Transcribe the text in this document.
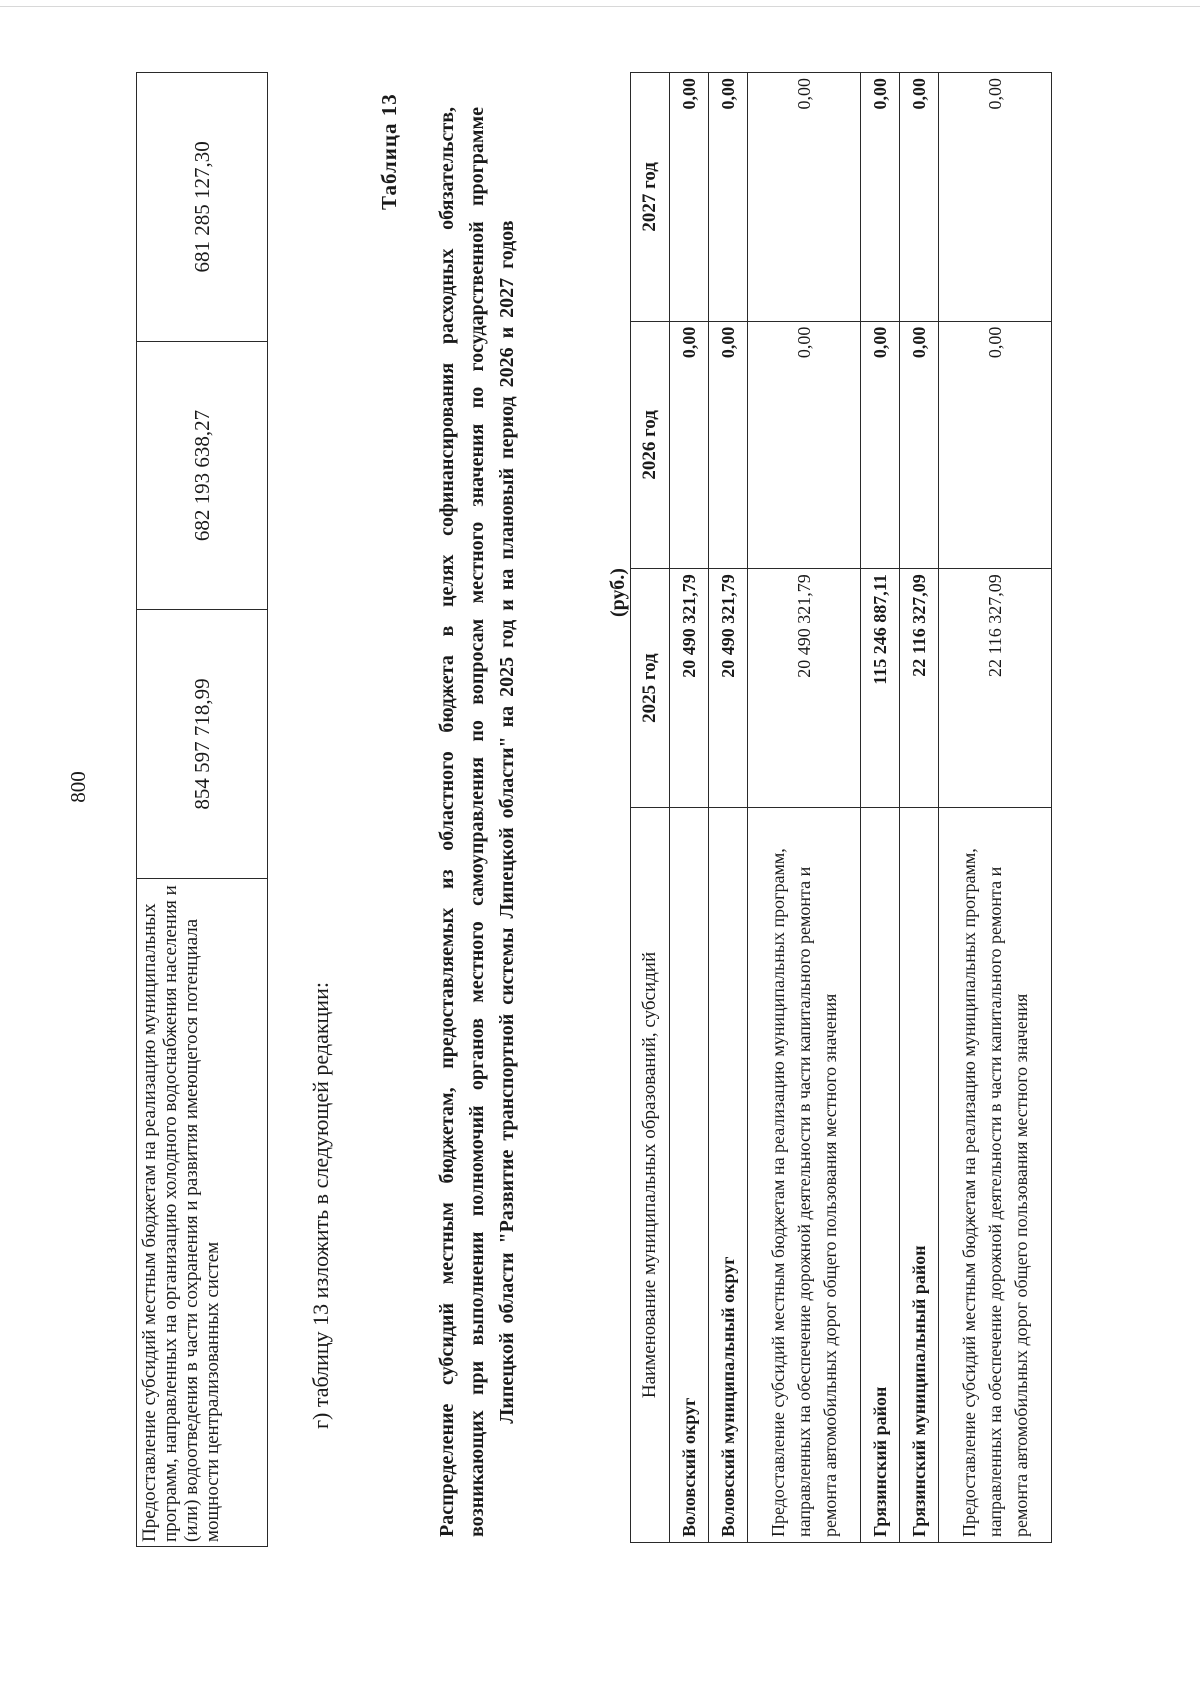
800
Предоставление субсидий местным бюджетам на реализацию муниципальных программ, направленных на организацию холодного водоснабжения населения и (или) водоотведения в части сохранения и развития имеющегося потенциала мощности централизованных систем	854 597 718,99	682 193 638,27	681 285 127,30
г) таблицу 13 изложить в следующей редакции:
Таблица 13 Распределение субсидий местным бюджетам, предоставляемых из областного бюджета в целях софинансирования расходных обязательств, возникающих при выполнении полномочий органов местного самоуправления по вопросам местного значения по государственной программе Липецкой области "Развитие транспортной системы Липецкой области" на 2025 год и на плановый период 2026 и 2027 годов	(руб.)
Наименование муниципальных образований, субсидий	2025 год	2026 год	2027 год
Воловский округ	20 490 321,79	0,00	0,00
Воловский муниципальный округ	20 490 321,79	0,00	0,00
Предоставление субсидий местным бюджетам на реализацию муниципальных программ, направленных на обеспечение дорожной деятельности в части капитального ремонта и ремонта автомобильных дорог общего пользования местного значения	20 490 321,79	0,00	0,00
Грязинский район	115 246 887,11	0,00	0,00
Грязинский муниципальный район	22 116 327,09	0,00	0,00
Предоставление субсидий местным бюджетам на реализацию муниципальных программ, направленных на обеспечение дорожной деятельности в части капитального ремонта и ремонта автомобильных дорог общего пользования местного значения	22 116 327,09	0,00	0,00
